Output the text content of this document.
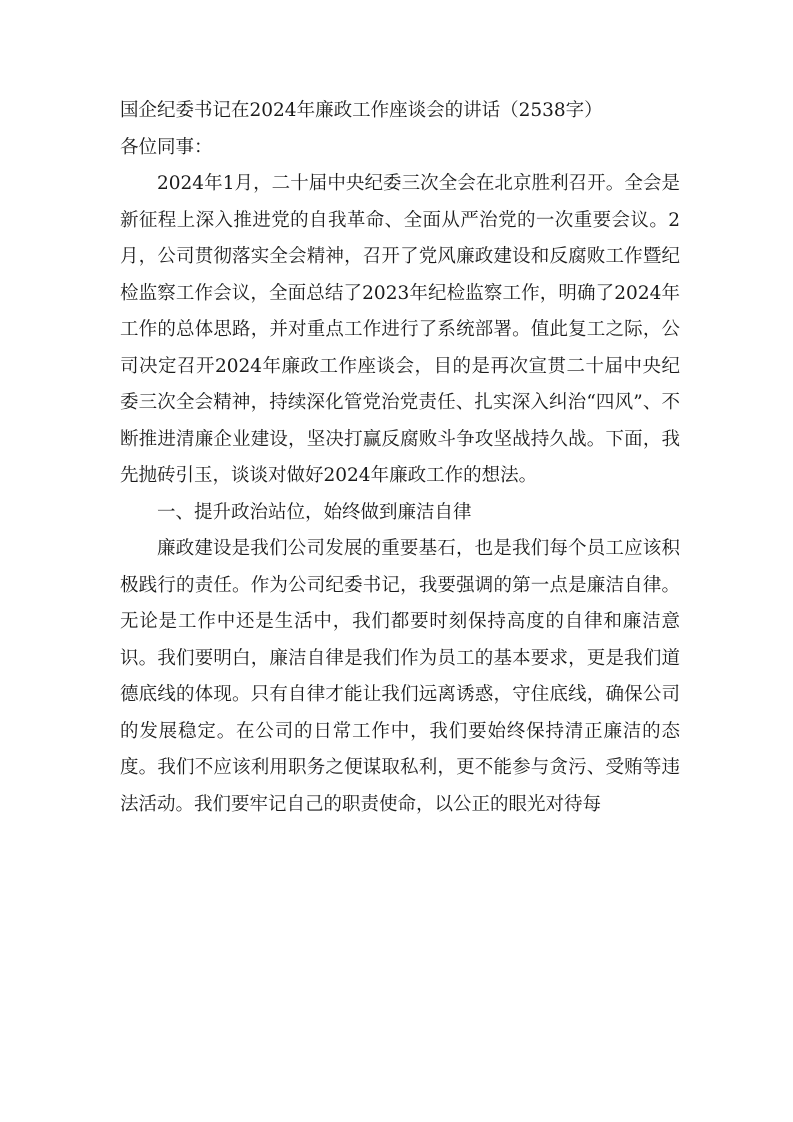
国企纪委书记在2024年廉政工作座谈会的讲话（2538字）

各位同事：

2024年1月，二十届中央纪委三次全会在北京胜利召开。全会是新征程上深入推进党的自我革命、全面从严治党的一次重要会议。2月，公司贯彻落实全会精神，召开了党风廉政建设和反腐败工作暨纪检监察工作会议，全面总结了2023年纪检监察工作，明确了2024年工作的总体思路，并对重点工作进行了系统部署。值此复工之际，公司决定召开2024年廉政工作座谈会，目的是再次宣贯二十届中央纪委三次全会精神，持续深化管党治党责任、扎实深入纠治“四风”、不断推进清廉企业建设，坚决打赢反腐败斗争攻坚战持久战。下面，我先抛砖引玉，谈谈对做好2024年廉政工作的想法。

一、提升政治站位，始终做到廉洁自律

廉政建设是我们公司发展的重要基石，也是我们每个员工应该积极践行的责任。作为公司纪委书记，我要强调的第一点是廉洁自律。无论是工作中还是生活中，我们都要时刻保持高度的自律和廉洁意识。我们要明白，廉洁自律是我们作为员工的基本要求，更是我们道德底线的体现。只有自律才能让我们远离诱惑，守住底线，确保公司的发展稳定。在公司的日常工作中，我们要始终保持清正廉洁的态度。我们不应该利用职务之便谋取私利，更不能参与贪污、受贿等违法活动。我们要牢记自己的职责使命，以公正的眼光对待每
